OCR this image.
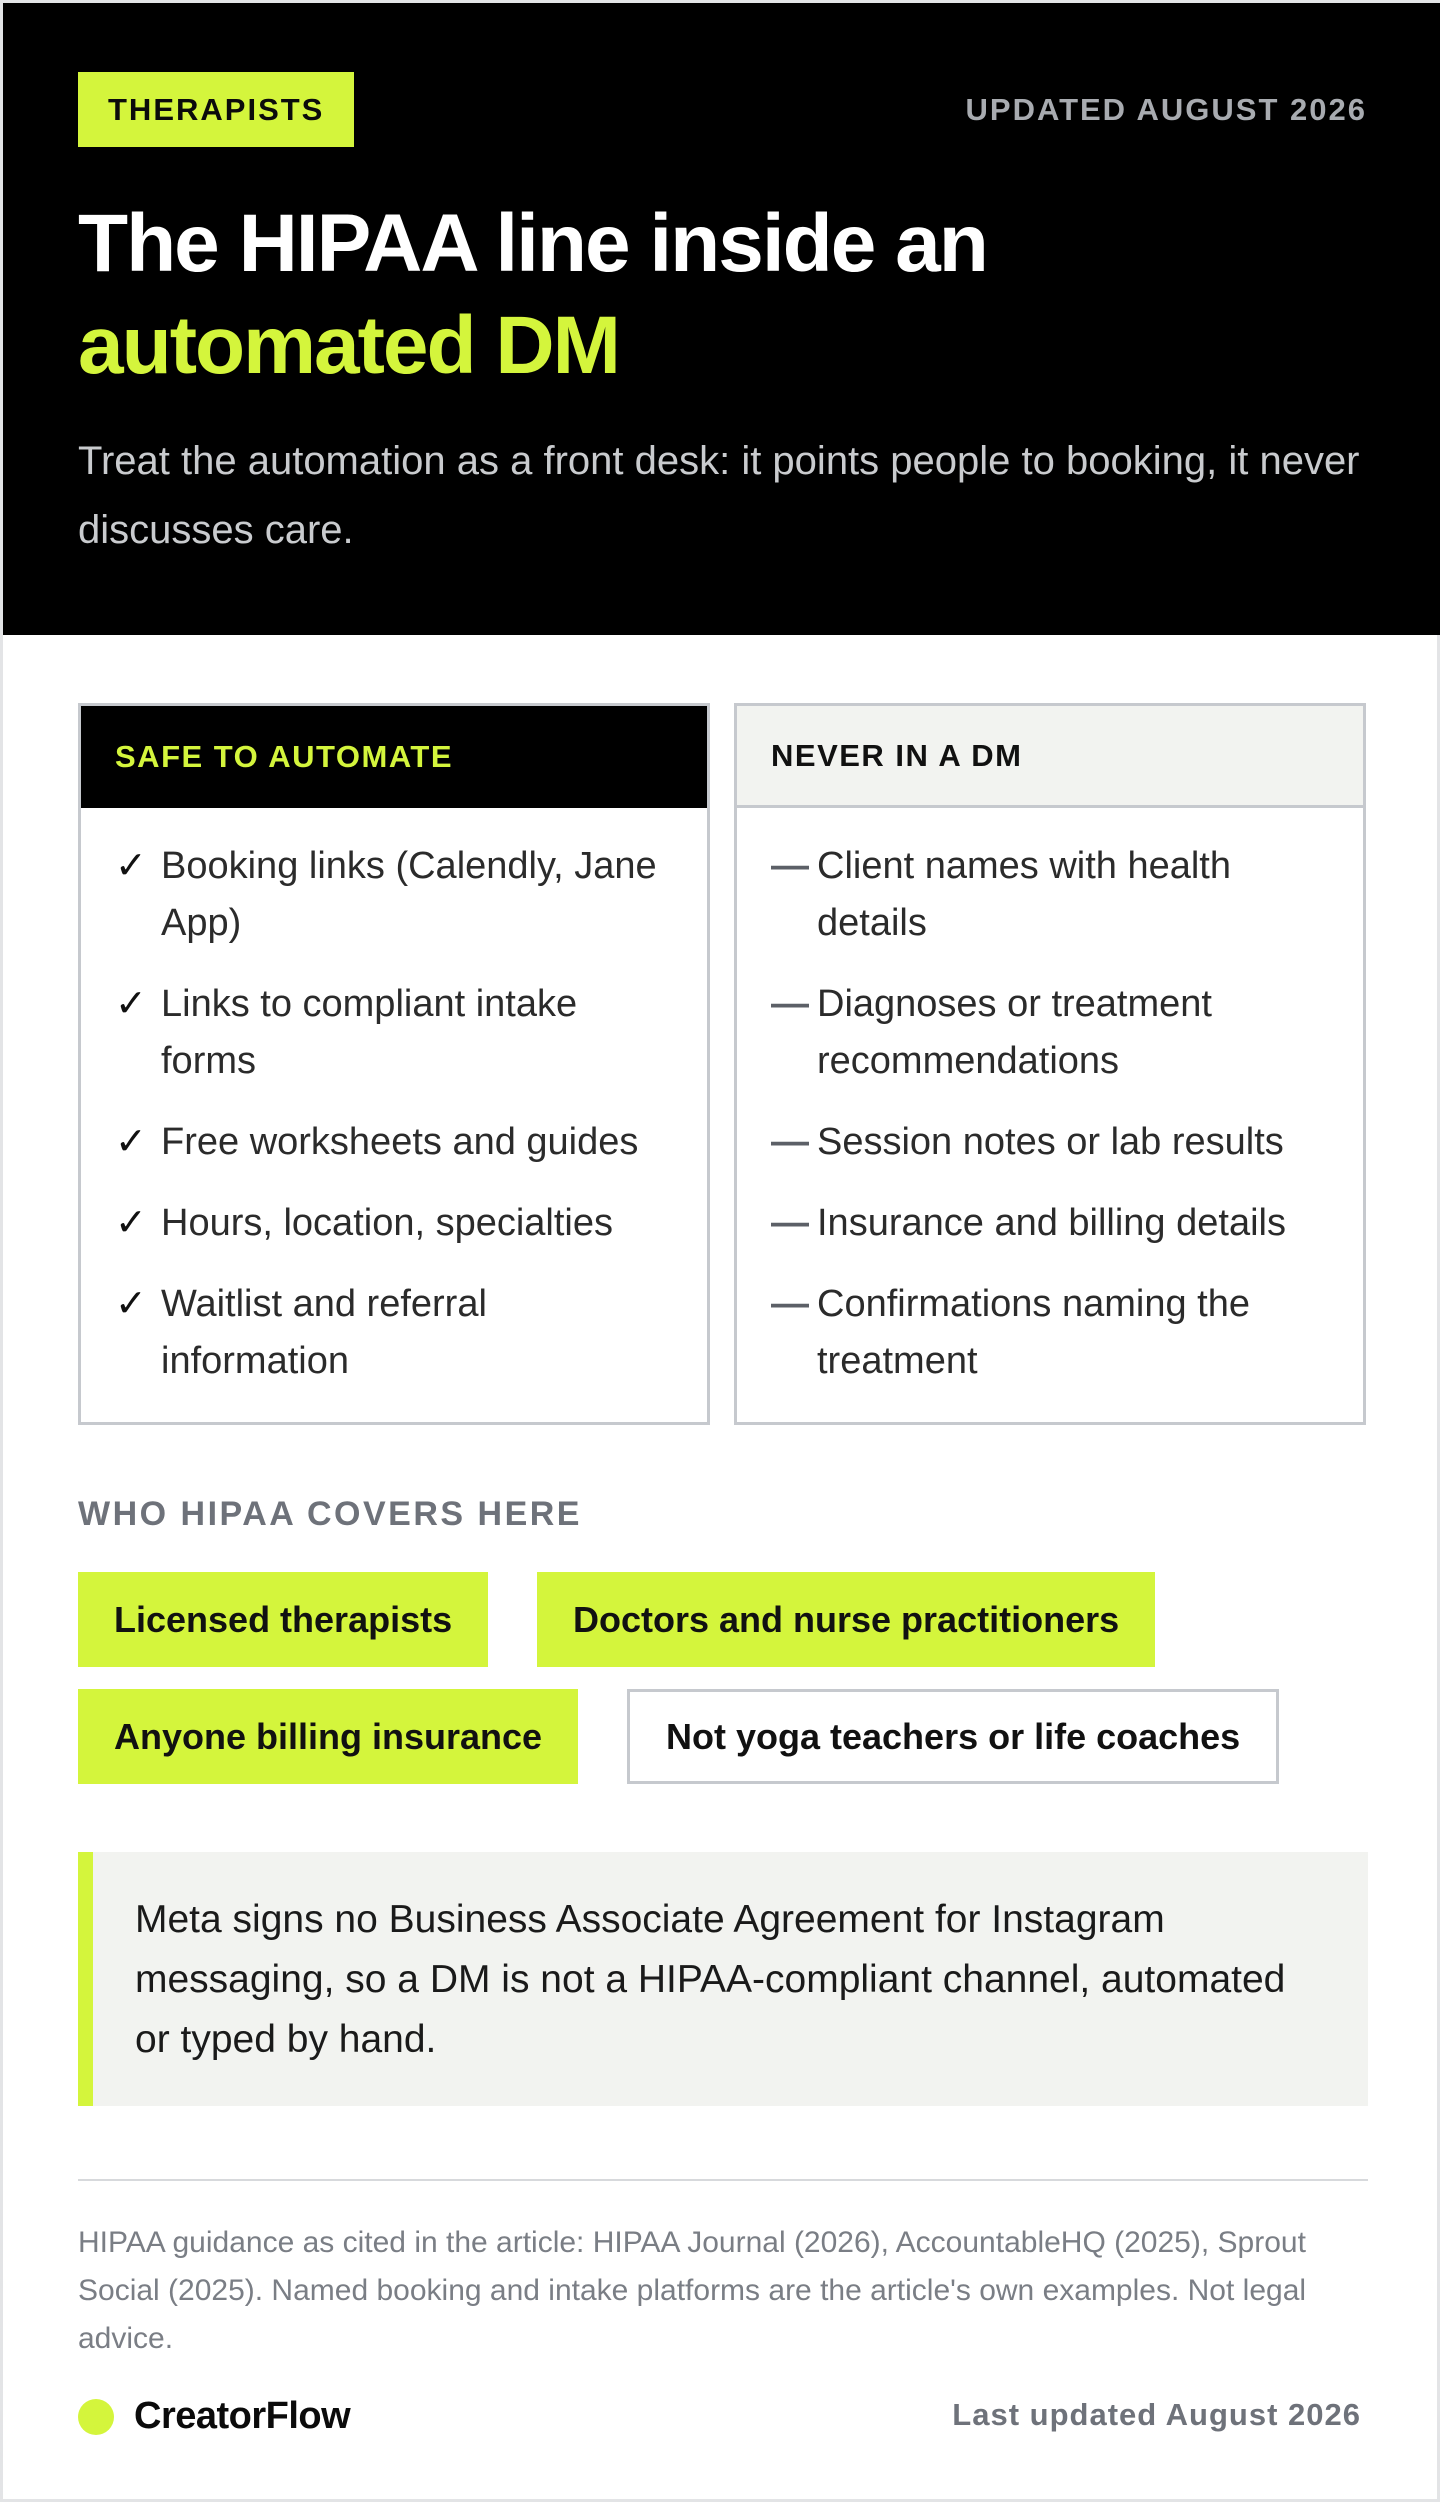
THERAPISTS	UPDATED AUGUST 2026
The HIPAA line inside an
automated DM

Treat the automation as a front desk: it points people to booking, it never discusses care.

SAFE TO AUTOMATE
✓ Booking links (Calendly, Jane App)
✓ Links to compliant intake forms
✓ Free worksheets and guides
✓ Hours, location, specialties
✓ Waitlist and referral information
NEVER IN A DM
— Client names with health details
— Diagnoses or treatment recommendations
— Session notes or lab results
— Insurance and billing details
— Confirmations naming the treatment
WHO HIPAA COVERS HERE
Licensed therapists	Doctors and nurse practitioners
Anyone billing insurance	Not yoga teachers or life coaches
Meta signs no Business Associate Agreement for Instagram messaging, so a DM is not a HIPAA-compliant channel, automated or typed by hand.

HIPAA guidance as cited in the article: HIPAA Journal (2026), AccountableHQ (2025), Sprout Social (2025). Named booking and intake platforms are the article's own examples. Not legal advice.

CreatorFlow	Last updated August 2026
